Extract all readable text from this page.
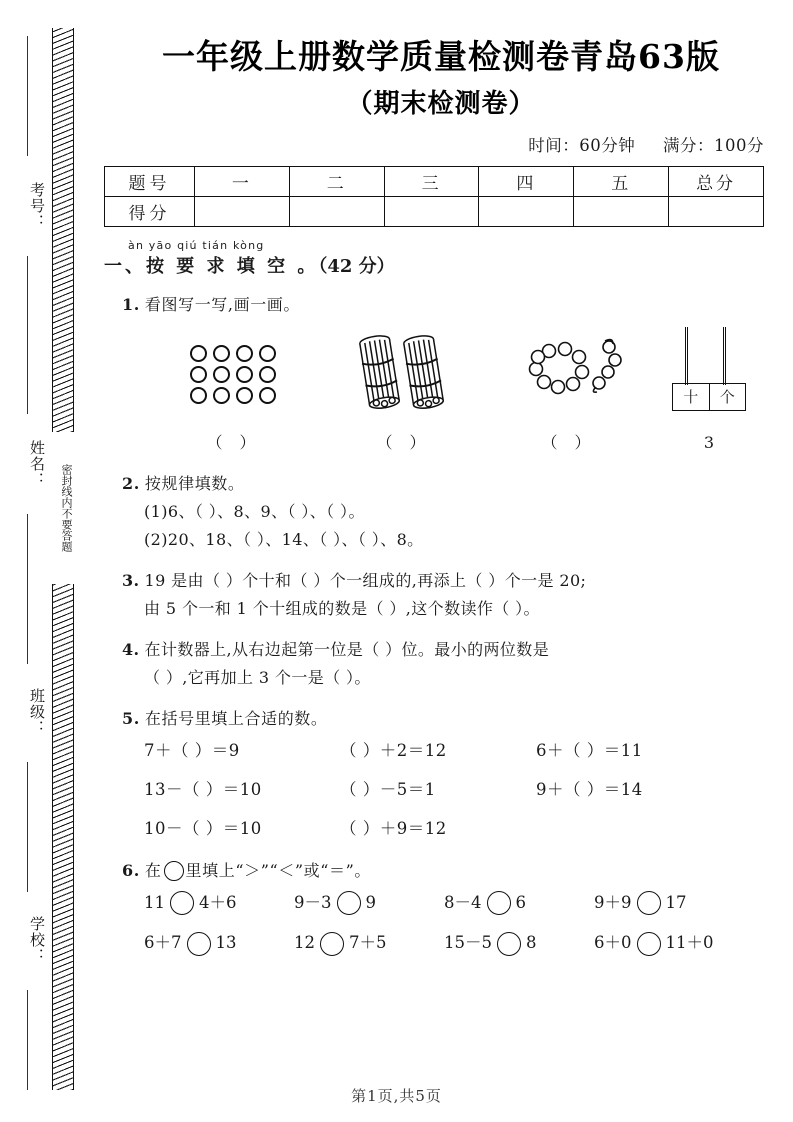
密封线内不要答题
考号：
姓名：
班级：
学校：
一年级上册数学质量检测卷青岛63版
（期末检测卷）
时间：60分钟 满分：100分
题号	一	二	三	四	五	总分
得分						
àn yāo qiú tián kòng
一、按 要 求 填 空 。（42 分）
1. 看图写一写,画一画。
（ ）	（ ）	（ ）
十	个
3
2. 按规律填数。
(1)6、（ ）、8、9、（ ）、（ ）。
(2)20、18、（ ）、14、（ ）、（ ）、8。
3. 19 是由（ ）个十和（ ）个一组成的,再添上（ ）个一是 20;
由 5 个一和 1 个十组成的数是（ ）,这个数读作（ ）。
4. 在计数器上,从右边起第一位是（ ）位。最小的两位数是
（ ）,它再加上 3 个一是（ ）。
5. 在括号里填上合适的数。
7＋（ ）＝9	（ ）＋2＝12	6＋（ ）＝11
13－（ ）＝10	（ ）－5＝1	9＋（ ）＝14
10－（ ）＝10	（ ）＋9＝12
6. 在 里填上“＞”“＜”或“＝”。
11 4＋6	9－3 9	8－4 6	9＋9 17
6＋7 13	12 7＋5	15－5 8	6＋0 11＋0
第1页,共5页
